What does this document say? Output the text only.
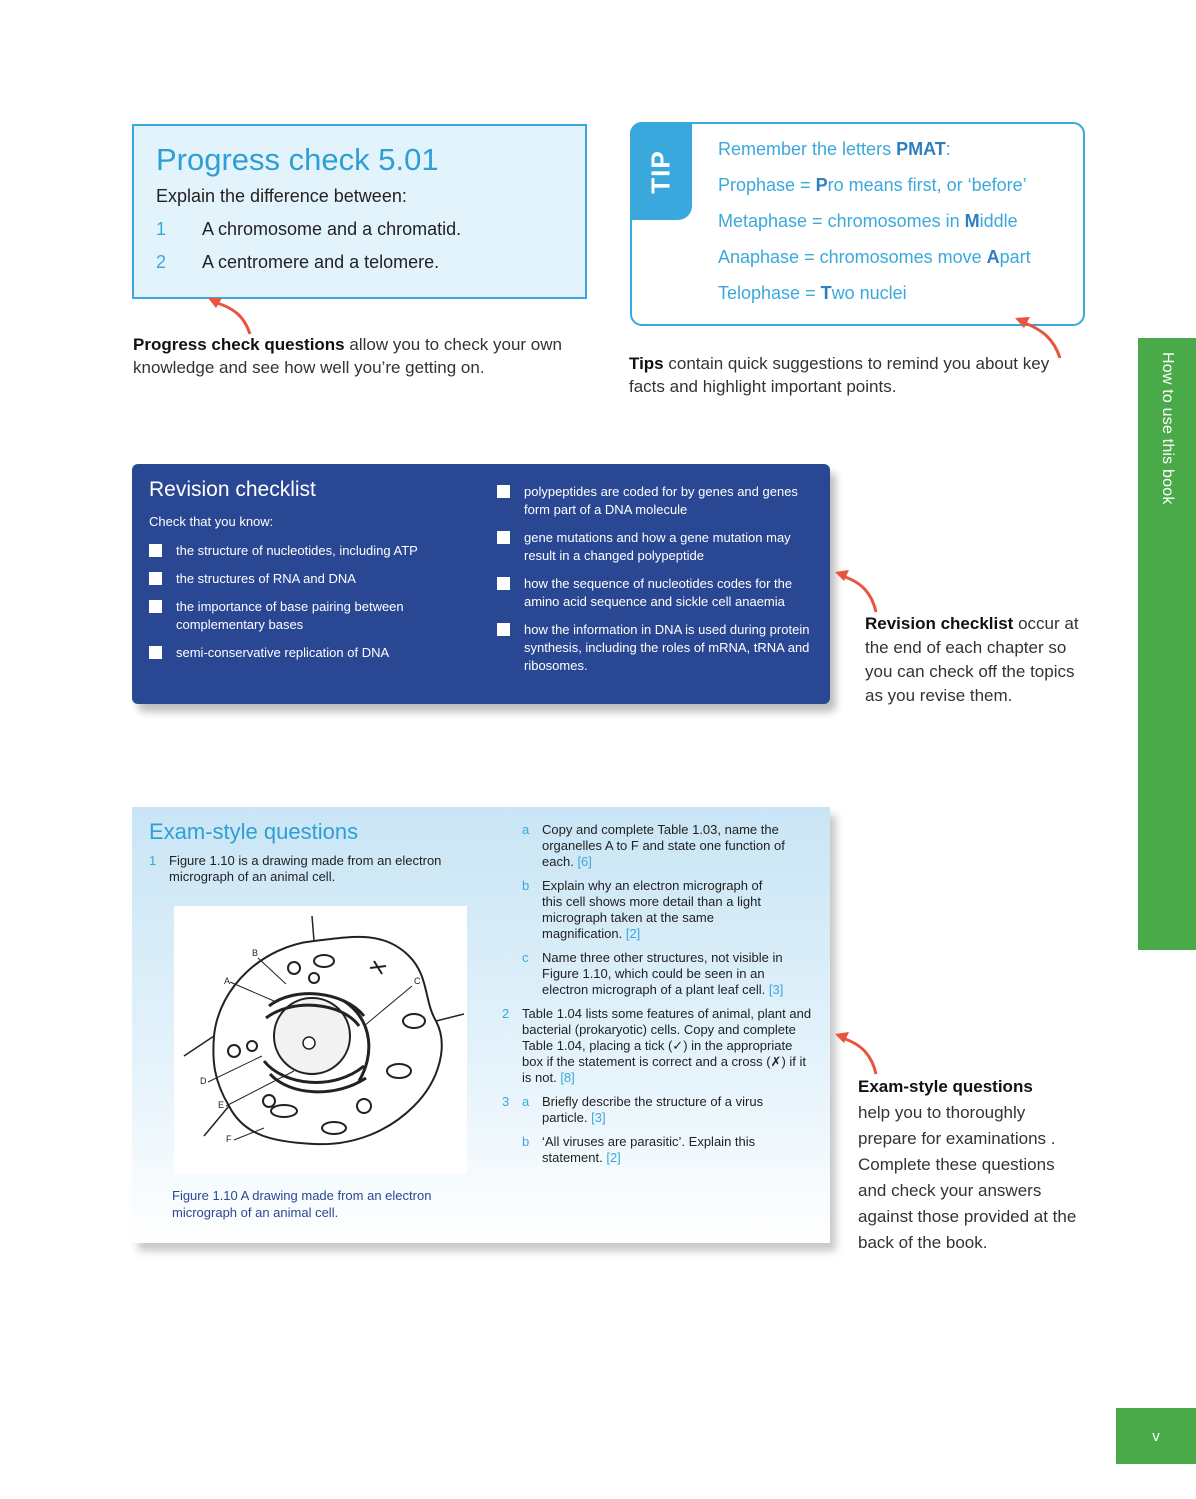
How to use this book
v
Progress check 5.01
Explain the difference between:
1	A chromosome and a chromatid.
2	A centromere and a telomere.
Progress check questions allow you to check your own knowledge and see how well you’re getting on.
TIP
Remember the letters PMAT:
Prophase = Pro means first, or ‘before’
Metaphase = chromosomes in Middle
Anaphase = chromosomes move Apart
Telophase = Two nuclei
Tips contain quick suggestions to remind you about key facts and highlight important points.
Revision checklist
Check that you know:
the structure of nucleotides, including ATP
the structures of RNA and DNA
the importance of base pairing between complementary bases
semi-conservative replication of DNA
polypeptides are coded for by genes and genes form part of a DNA molecule
gene mutations and how a gene mutation may result in a changed polypeptide
how the sequence of nucleotides codes for the amino acid sequence and sickle cell anaemia
how the information in DNA is used during protein synthesis, including the roles of mRNA, tRNA and ribosomes.
Revision checklist occur at the end of each chapter so you can check off the topics as you revise them.
Exam-style questions
1 Figure 1.10 is a drawing made from an electron micrograph of an animal cell.
A
B
C
D
E
F
Figure 1.10 A drawing made from an electron micrograph of an animal cell.
a Copy and complete Table 1.03, name the organelles A to F and state one function of each. [6]
b Explain why an electron micrograph of this cell shows more detail than a light micrograph taken at the same magnification. [2]
c	Name three other structures, not visible in Figure 1.10, which could be seen in an electron micrograph of a plant leaf cell. [3]
2 Table 1.04 lists some features of animal, plant and bacterial (prokaryotic) cells. Copy and complete Table 1.04, placing a tick (✓) in the appropriate box if the statement is correct and a cross (✗) if it is not. [8]
3 a Briefly describe the structure of a virus particle. [3]
b ‘All viruses are parasitic’. Explain this statement. [2]
Exam-style questions
help you to thoroughly prepare for examinations . Complete these questions and check your answers against those provided at the back of the book.
